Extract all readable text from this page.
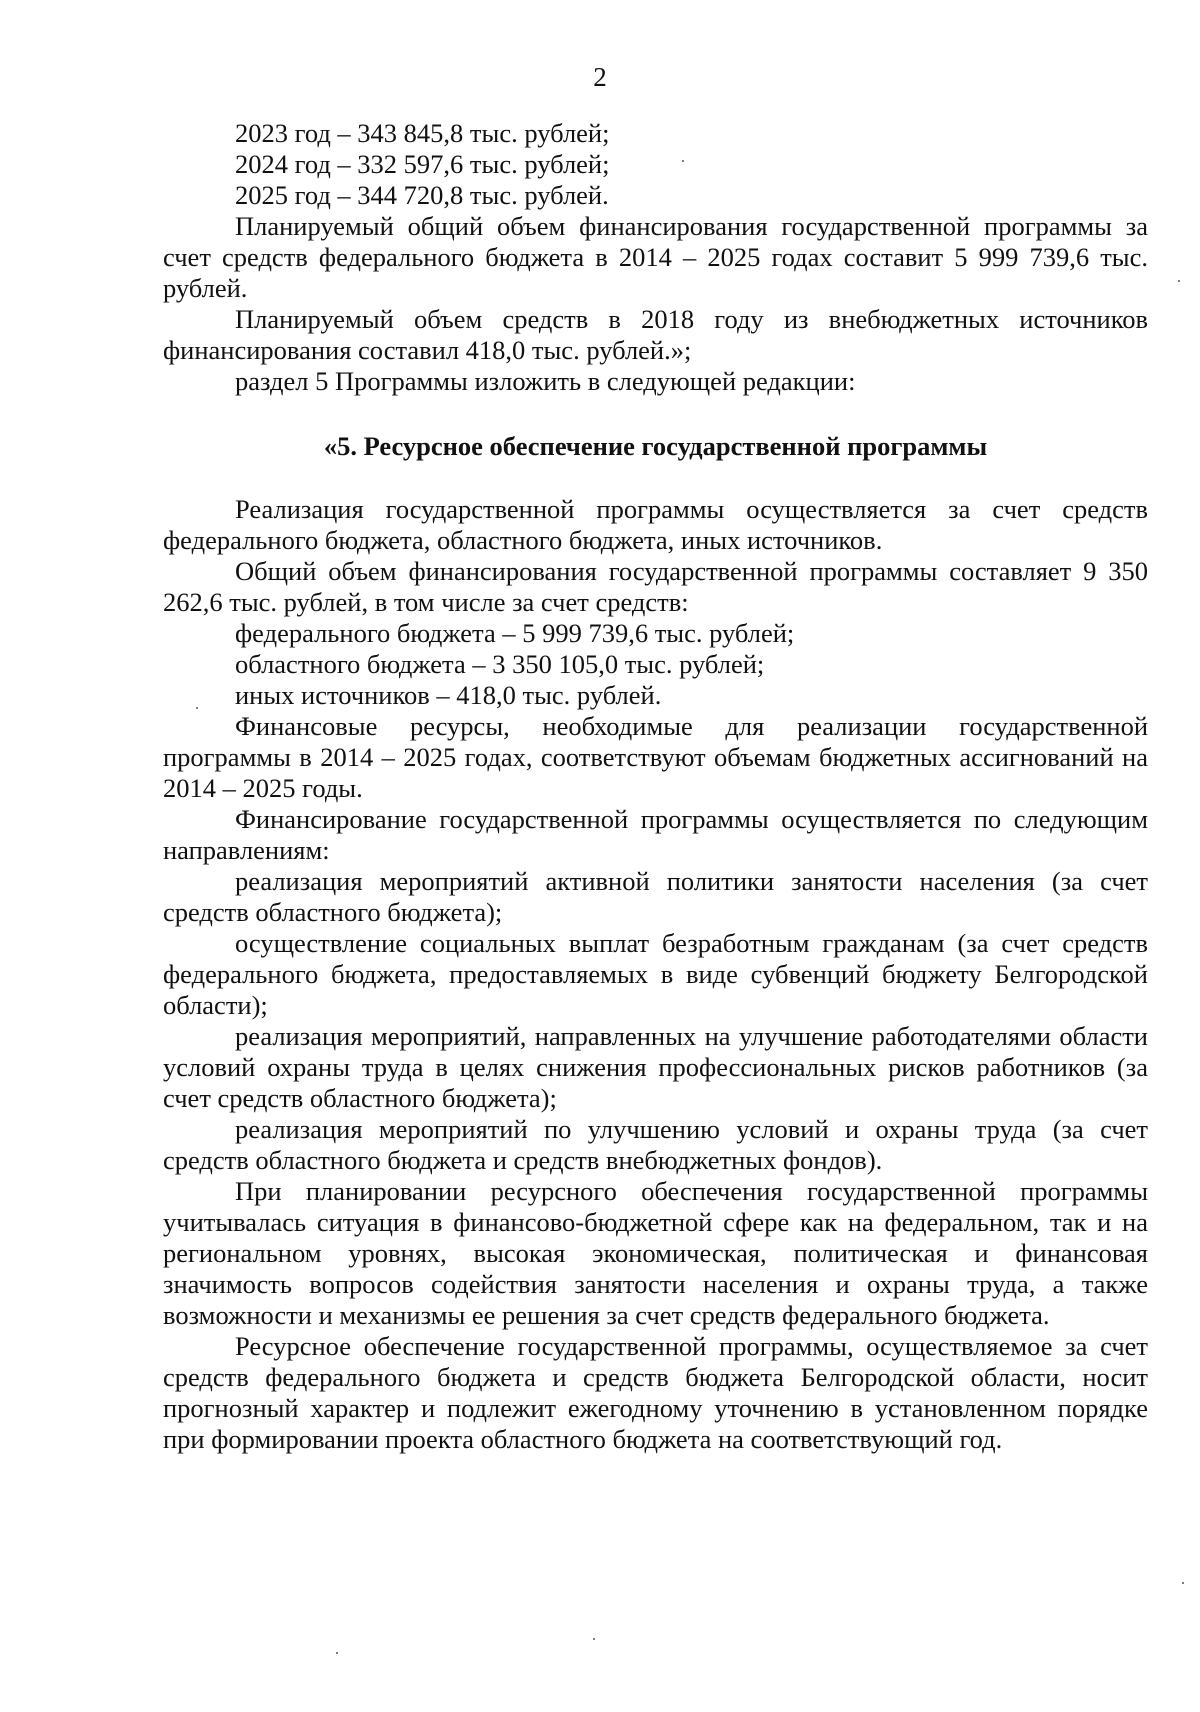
2
2023 год – 343 845,8 тыс. рублей;
2024 год – 332 597,6 тыс. рублей;
2025 год – 344 720,8 тыс. рублей.

Планируемый общий объем финансирования государственной программы за счет средств федерального бюджета в 2014 – 2025 годах составит 5 999 739,6 тыс. рублей.

Планируемый объем средств в 2018 году из внебюджетных источников финансирования составил 418,0 тыс. рублей.»;

раздел 5 Программы изложить в следующей редакции:

«5. Ресурсное обеспечение государственной программы

Реализация государственной программы осуществляется за счет средств федерального бюджета, областного бюджета, иных источников.

Общий объем финансирования государственной программы составляет 9 350 262,6 тыс. рублей, в том числе за счет средств:

федерального бюджета – 5 999 739,6 тыс. рублей;

областного бюджета – 3 350 105,0 тыс. рублей;

иных источников – 418,0 тыс. рублей.

Финансовые ресурсы, необходимые для реализации государственной программы в 2014 – 2025 годах, соответствуют объемам бюджетных ассигнований на 2014 – 2025 годы.

Финансирование государственной программы осуществляется по следующим направлениям:

реализация мероприятий активной политики занятости населения (за счет средств областного бюджета);

осуществление социальных выплат безработным гражданам (за счет средств федерального бюджета, предоставляемых в виде субвенций бюджету Белгородской области);

реализация мероприятий, направленных на улучшение работодателями области условий охраны труда в целях снижения профессиональных рисков работников (за счет средств областного бюджета);

реализация мероприятий по улучшению условий и охраны труда (за счет средств областного бюджета и средств внебюджетных фондов).

При планировании ресурсного обеспечения государственной программы учитывалась ситуация в финансово-бюджетной сфере как на федеральном, так и на региональном уровнях, высокая экономическая, политическая и финансовая значимость вопросов содействия занятости населения и охраны труда, а также возможности и механизмы ее решения за счет средств федерального бюджета.

Ресурсное обеспечение государственной программы, осуществляемое за счет средств федерального бюджета и средств бюджета Белгородской области, носит прогнозный характер и подлежит ежегодному уточнению в установленном порядке при формировании проекта областного бюджета на соответствующий год.
